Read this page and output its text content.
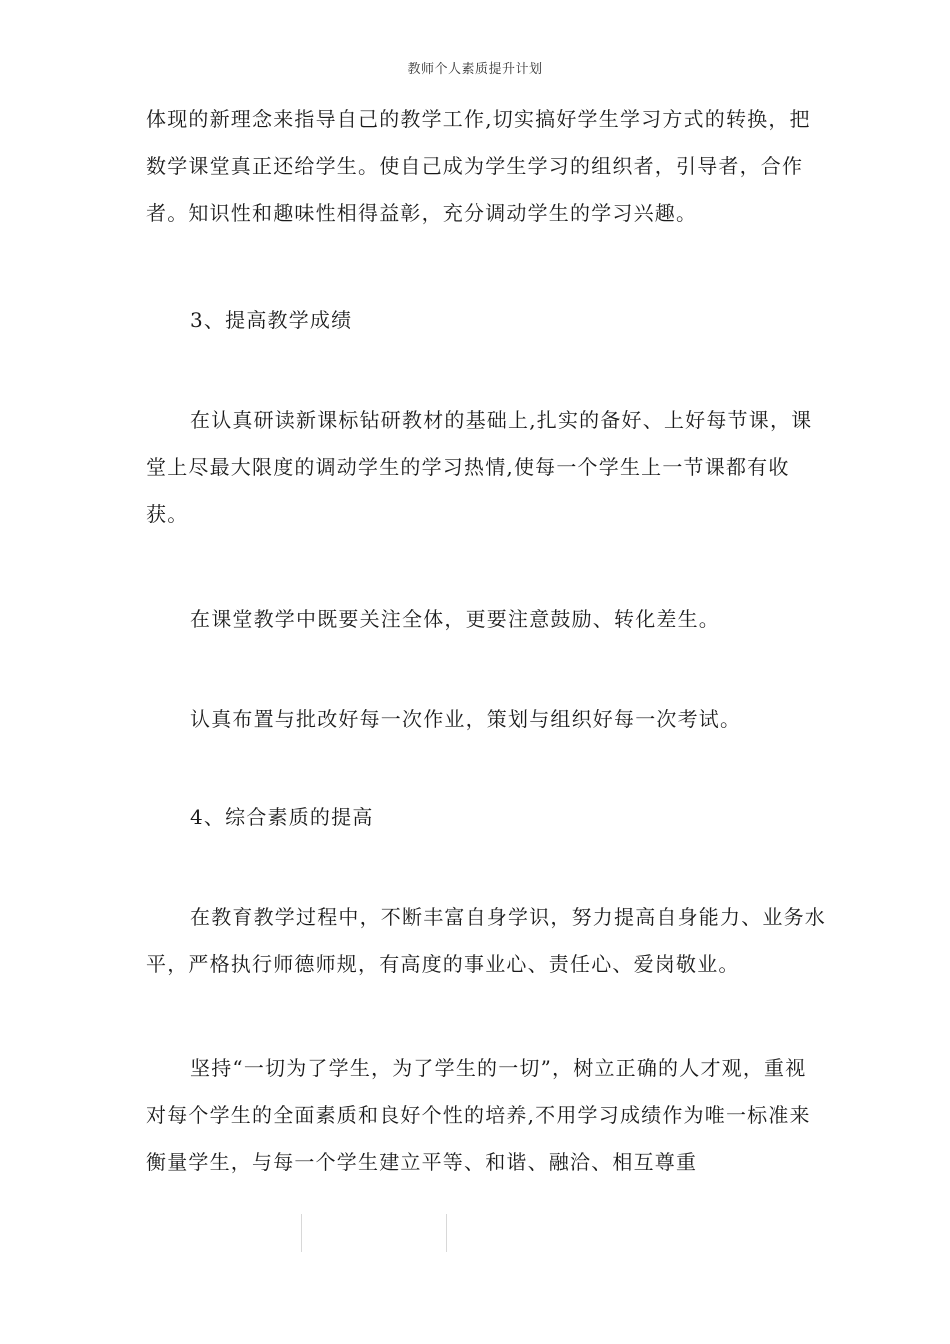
教师个人素质提升计划

体现的新理念来指导自己的教学工作,切实搞好学生学习方式的转换，把数学课堂真正还给学生。使自己成为学生学习的组织者，引导者，合作者。知识性和趣味性相得益彰，充分调动学生的学习兴趣。

3、提高教学成绩

在认真研读新课标钻研教材的基础上,扎实的备好、上好每节课，课堂上尽最大限度的调动学生的学习热情,使每一个学生上一节课都有收获。

在课堂教学中既要关注全体，更要注意鼓励、转化差生。

认真布置与批改好每一次作业，策划与组织好每一次考试。

4、综合素质的提高

在教育教学过程中，不断丰富自身学识，努力提高自身能力、业务水平，严格执行师德师规，有高度的事业心、责任心、爱岗敬业。

坚持“一切为了学生，为了学生的一切”，树立正确的人才观，重视对每个学生的全面素质和良好个性的培养,不用学习成绩作为唯一标准来衡量学生，与每一个学生建立平等、和谐、融洽、相互尊重
